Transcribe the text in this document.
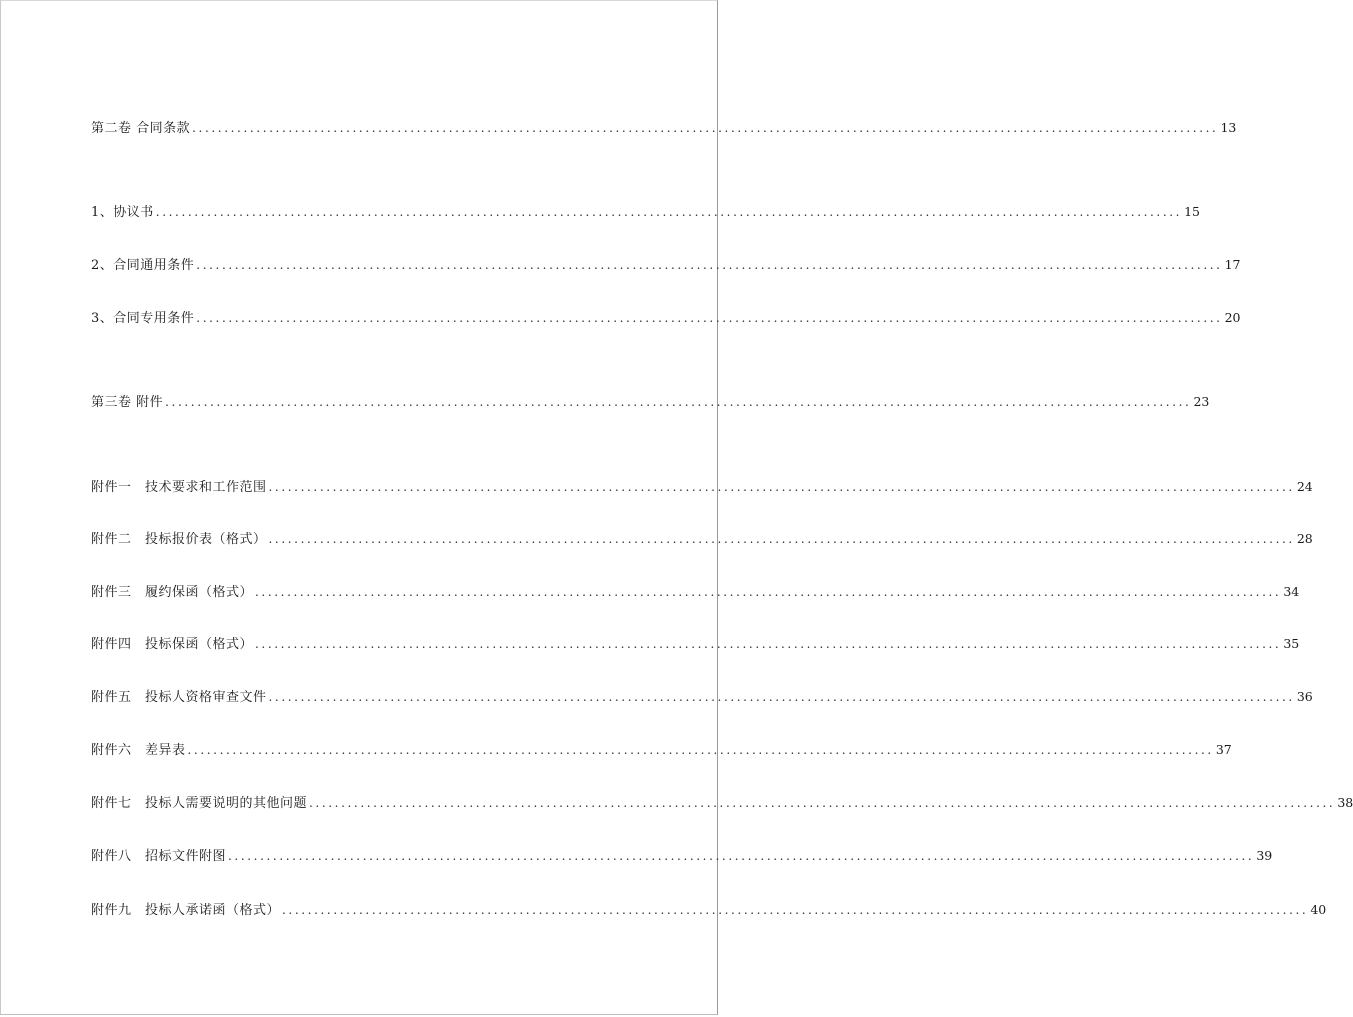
第二卷 合同条款 ................................................................................................................................................................ 13
1、协议书 ................................................................................................................................................................ 15
2、合同通用条件 ................................................................................................................................................................ 17
3、合同专用条件 ................................................................................................................................................................ 20
第三卷 附件 ................................................................................................................................................................ 23
附件一　技术要求和工作范围 ................................................................................................................................................................ 24
附件二　投标报价表（格式） ................................................................................................................................................................ 28
附件三　履约保函（格式） ................................................................................................................................................................ 34
附件四　投标保函（格式） ................................................................................................................................................................ 35
附件五　投标人资格审查文件 ................................................................................................................................................................ 36
附件六　差异表 ................................................................................................................................................................ 37
附件七　投标人需要说明的其他问题 ................................................................................................................................................................ 38
附件八　招标文件附图 ................................................................................................................................................................ 39
附件九　投标人承诺函（格式） ................................................................................................................................................................ 40
